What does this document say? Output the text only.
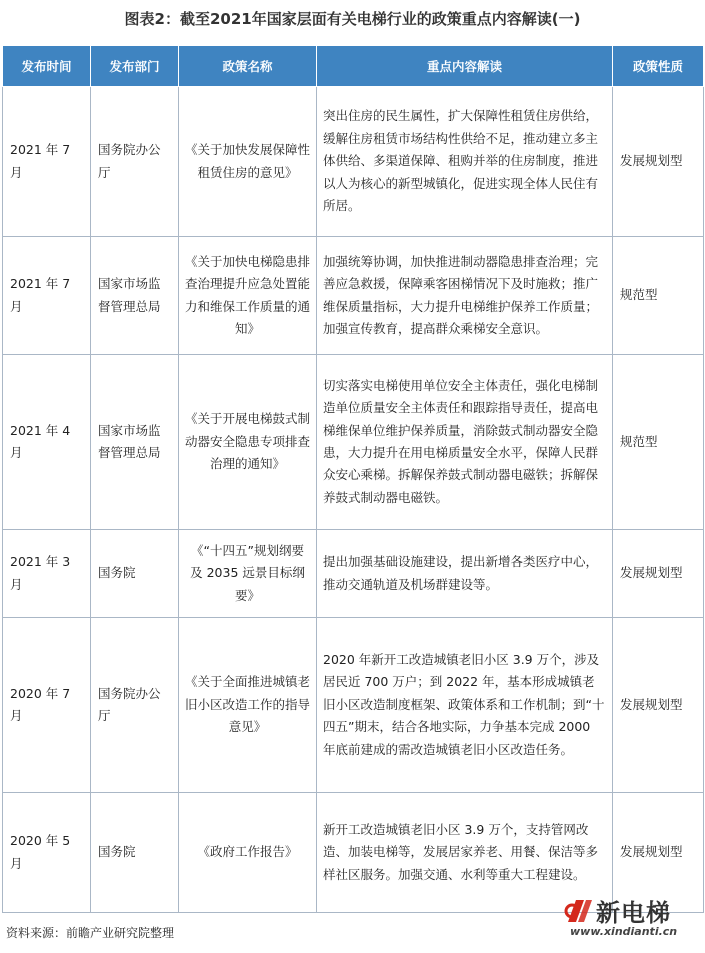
图表2：截至2021年国家层面有关电梯行业的政策重点内容解读(一)
发布时间	发布部门	政策名称	重点内容解读	政策性质
2021 年 7 月	国务院办公厅	《关于加快发展保障性租赁住房的意见》	突出住房的民生属性，扩大保障性租赁住房供给，缓解住房租赁市场结构性供给不足，推动建立多主体供给、多渠道保障、租购并举的住房制度，推进以人为核心的新型城镇化，促进实现全体人民住有所居。	发展规划型
2021 年 7 月	国家市场监督管理总局	《关于加快电梯隐患排查治理提升应急处置能力和维保工作质量的通知》	加强统筹协调，加快推进制动器隐患排查治理；完善应急救援，保障乘客困梯情况下及时施救；推广维保质量指标，大力提升电梯维护保养工作质量；加强宣传教育，提高群众乘梯安全意识。	规范型
2021 年 4 月	国家市场监督管理总局	《关于开展电梯鼓式制动器安全隐患专项排查治理的通知》	切实落实电梯使用单位安全主体责任，强化电梯制造单位质量安全主体责任和跟踪指导责任，提高电梯维保单位维护保养质量，消除鼓式制动器安全隐患，大力提升在用电梯质量安全水平，保障人民群众安心乘梯。拆解保养鼓式制动器电磁铁；拆解保养鼓式制动器电磁铁。	规范型
2021 年 3 月	国务院	《“十四五”规划纲要及 2035 远景目标纲要》	提出加强基础设施建设，提出新增各类医疗中心，推动交通轨道及机场群建设等。	发展规划型
2020 年 7 月	国务院办公厅	《关于全面推进城镇老旧小区改造工作的指导意见》	2020 年新开工改造城镇老旧小区 3.9 万个，涉及居民近 700 万户；到 2022 年，基本形成城镇老旧小区改造制度框架、政策体系和工作机制；到“十四五”期末，结合各地实际，力争基本完成 2000 年底前建成的需改造城镇老旧小区改造任务。	发展规划型
2020 年 5 月	国务院	《政府工作报告》	新开工改造城镇老旧小区 3.9 万个，支持管网改造、加装电梯等，发展居家养老、用餐、保洁等多样社区服务。加强交通、水利等重大工程建设。	发展规划型
资料来源：前瞻产业研究院整理
新电梯
www.xindianti.cn
